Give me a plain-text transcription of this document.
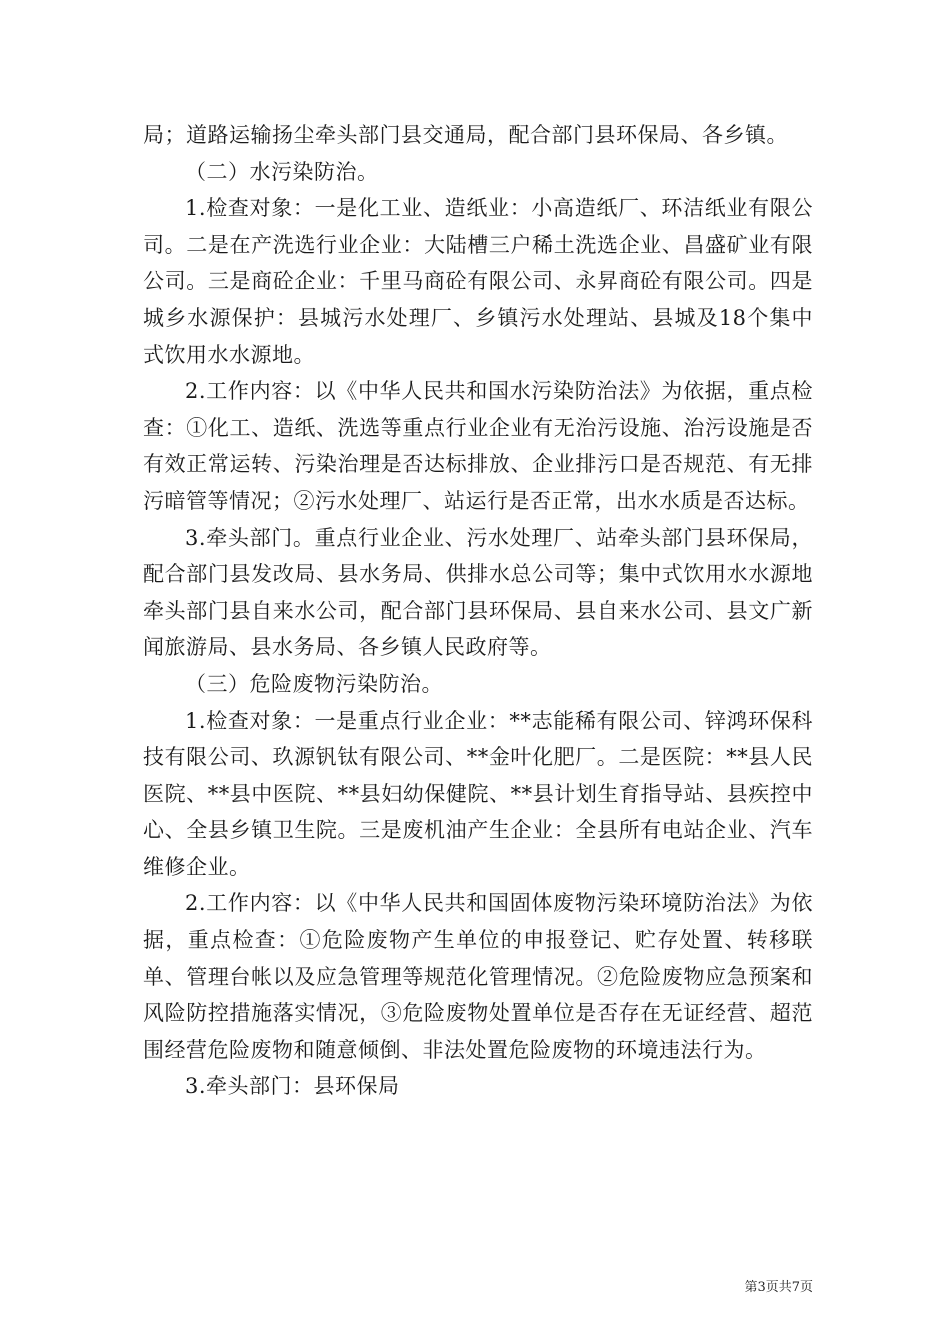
局；道路运输扬尘牵头部门县交通局，配合部门县环保局、各乡镇。

（二）水污染防治。

1.检查对象：一是化工业、造纸业：小高造纸厂、环洁纸业有限公司。二是在产洗选行业企业：大陆槽三户稀土洗选企业、昌盛矿业有限公司。三是商砼企业：千里马商砼有限公司、永昇商砼有限公司。四是城乡水源保护：县城污水处理厂、乡镇污水处理站、县城及18个集中式饮用水水源地。

2.工作内容：以《中华人民共和国水污染防治法》为依据，重点检查：①化工、造纸、洗选等重点行业企业有无治污设施、治污设施是否有效正常运转、污染治理是否达标排放、企业排污口是否规范、有无排污暗管等情况；②污水处理厂、站运行是否正常，出水水质是否达标。

3.牵头部门。重点行业企业、污水处理厂、站牵头部门县环保局，配合部门县发改局、县水务局、供排水总公司等；集中式饮用水水源地牵头部门县自来水公司，配合部门县环保局、县自来水公司、县文广新闻旅游局、县水务局、各乡镇人民政府等。

（三）危险废物污染防治。

1.检查对象：一是重点行业企业：**志能稀有限公司、锌鸿环保科技有限公司、玖源钒钛有限公司、**金叶化肥厂。二是医院：**县人民医院、**县中医院、**县妇幼保健院、**县计划生育指导站、县疾控中心、全县乡镇卫生院。三是废机油产生企业：全县所有电站企业、汽车维修企业。

2.工作内容：以《中华人民共和国固体废物污染环境防治法》为依据，重点检查：①危险废物产生单位的申报登记、贮存处置、转移联单、管理台帐以及应急管理等规范化管理情况。②危险废物应急预案和风险防控措施落实情况，③危险废物处置单位是否存在无证经营、超范围经营危险废物和随意倾倒、非法处置危险废物的环境违法行为。

3.牵头部门：县环保局

第3页共7页
